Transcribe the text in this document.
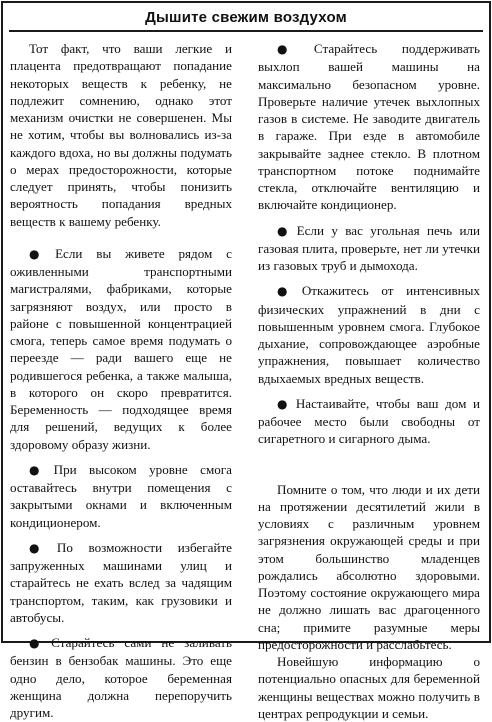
Дышите свежим воздухом

Тот факт, что ваши легкие и плацента предотвращают попадание некоторых веществ к ребенку, не подлежит сомнению, однако этот механизм очистки не совершенен. Мы не хотим, чтобы вы волновались из-за каждого вдоха, но вы должны подумать о мерах предосторожности, которые следует принять, чтобы понизить вероятность попадания вредных веществ к вашему ребенку.

● Если вы живете рядом с оживленными транспортными магистралями, фабриками, которые загрязняют воздух, или просто в районе с повышенной концентрацией смога, теперь самое время подумать о переезде — ради вашего еще не родившегося ребенка, а также малыша, в которого он скоро превратится. Беременность — подходящее время для решений, ведущих к более здоровому образу жизни.

● При высоком уровне смога оставайтесь внутри помещения с закрытыми окнами и включенным кондиционером.

● По возможности избегайте запруженных машинами улиц и старайтесь не ехать вслед за чадящим транспортом, таким, как грузовики и автобусы.

● Старайтесь сами не заливать бензин в бензобак машины. Это еще одно дело, которое беременная женщина должна перепоручить другим.

● Старайтесь поддерживать выхлоп вашей машины на максимально безопасном уровне. Проверьте наличие утечек выхлопных газов в системе. Не заводите двигатель в гараже. При езде в автомобиле закрывайте заднее стекло. В плотном транспортном потоке поднимайте стекла, отключайте вентиляцию и включайте кондиционер.

● Если у вас угольная печь или газовая плита, проверьте, нет ли утечки из газовых труб и дымохода.

● Откажитесь от интенсивных физических упражнений в дни с повышенным уровнем смога. Глубокое дыхание, сопровождающее аэробные упражнения, повышает количество вдыхаемых вредных веществ.

● Настаивайте, чтобы ваш дом и рабочее место были свободны от сигаретного и сигарного дыма.

Помните о том, что люди и их дети на протяжении десятилетий жили в условиях с различным уровнем загрязнения окружающей среды и при этом большинство младенцев рождались абсолютно здоровыми. Поэтому состояние окружающего мира не должно лишать вас драгоценного сна; примите разумные меры предосторожности и расслабьтесь.

Новейшую информацию о потенциально опасных для беременной женщины веществах можно получить в центрах репродукции и семьи.
